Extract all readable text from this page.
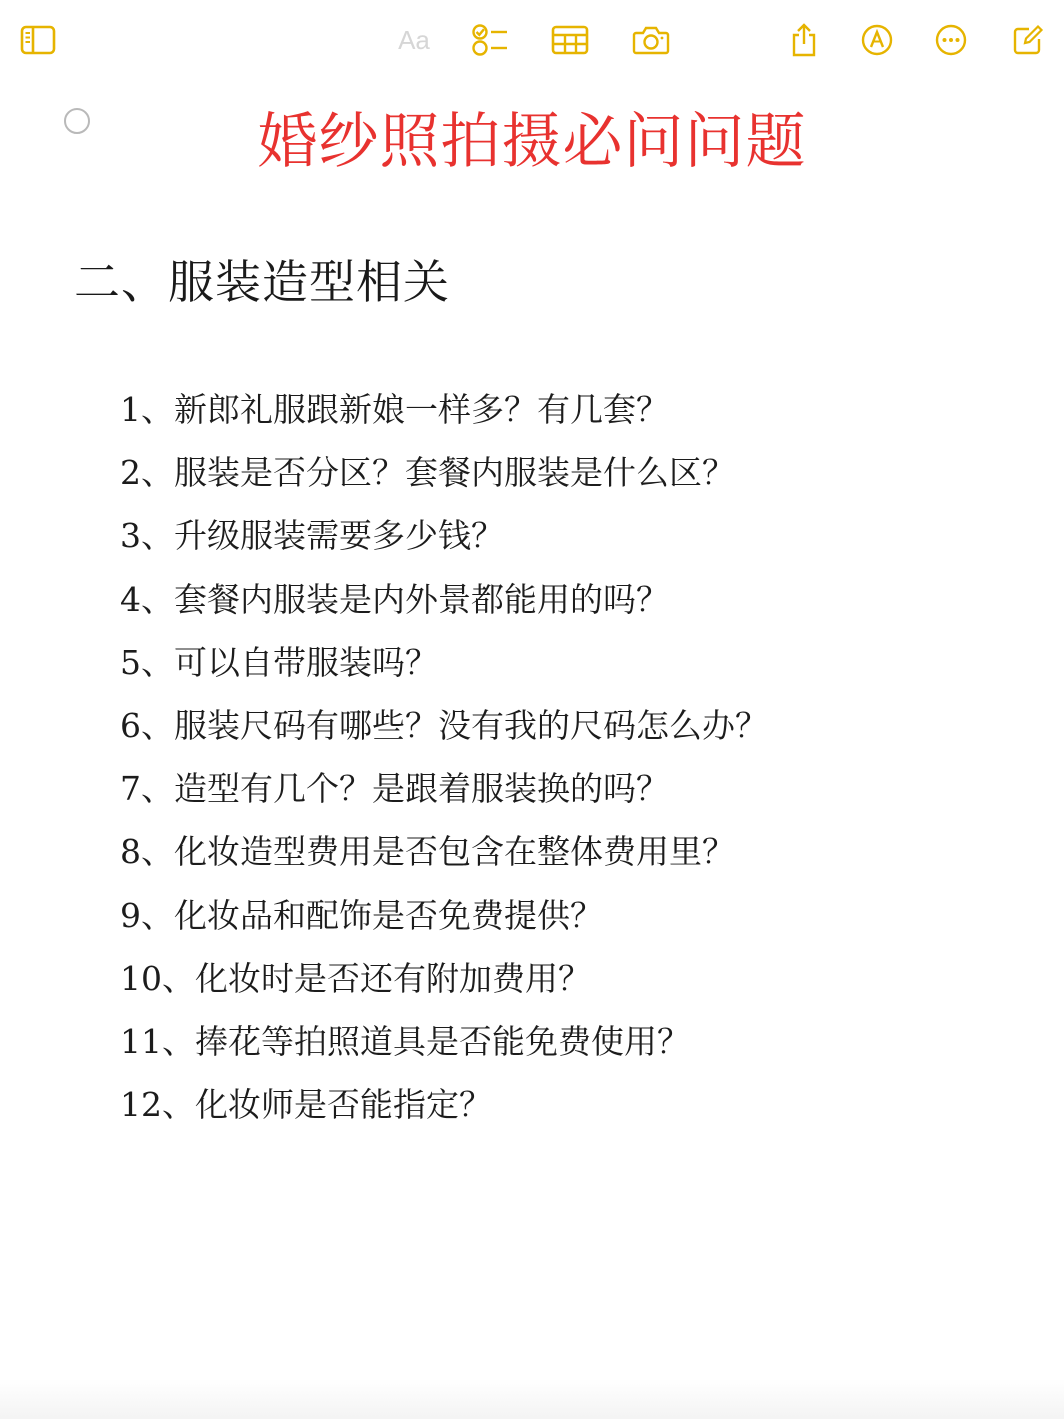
Aa
婚纱照拍摄必问问题
二、服装造型相关
1、新郎礼服跟新娘一样多？有几套？
2、服装是否分区？套餐内服装是什么区？
3、升级服装需要多少钱？
4、套餐内服装是内外景都能用的吗？
5、可以自带服装吗？
6、服装尺码有哪些？没有我的尺码怎么办？
7、造型有几个？是跟着服装换的吗？
8、化妆造型费用是否包含在整体费用里？
9、化妆品和配饰是否免费提供？
10、化妆时是否还有附加费用？
11、捧花等拍照道具是否能免费使用？
12、化妆师是否能指定？
